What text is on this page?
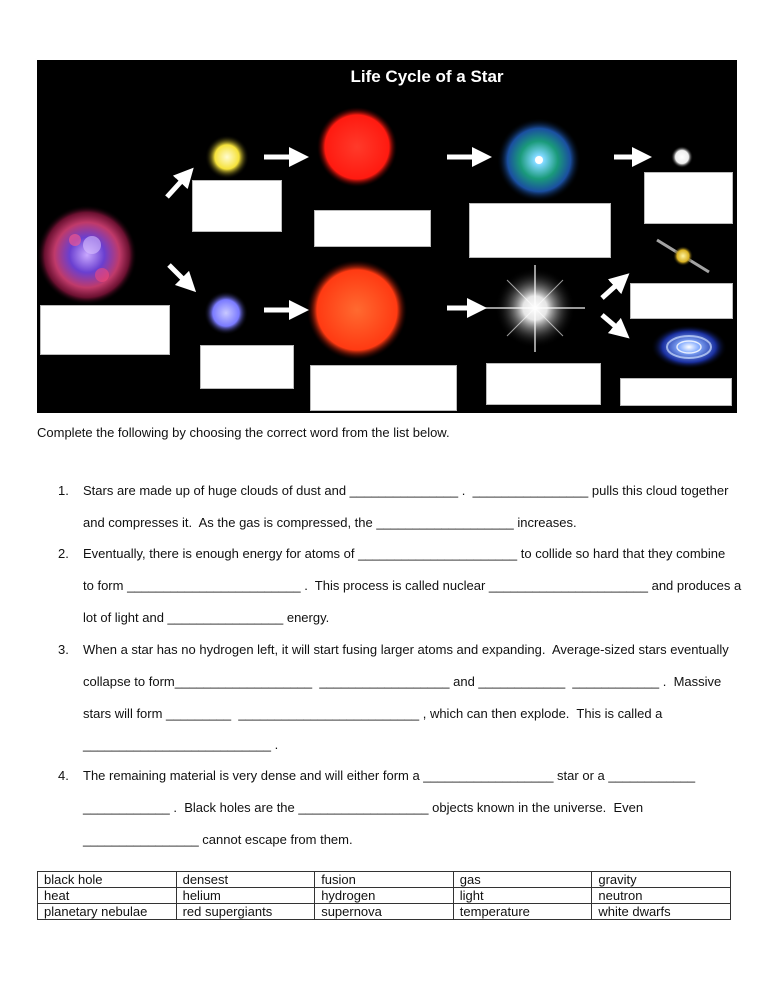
Life Cycle of a Star
Complete the following by choosing the correct word from the list below.
1. Stars are made up of huge clouds of dust and _______________ .  ________________ pulls this cloud together
and compresses it.  As the gas is compressed, the ___________________ increases.
2. Eventually, there is enough energy for atoms of ______________________ to collide so hard that they combine
to form ________________________ .  This process is called nuclear ______________________ and produces a
lot of light and ________________ energy.
3. When a star has no hydrogen left, it will start fusing larger atoms and expanding.  Average-sized stars eventually
collapse to form___________________  __________________ and ____________  ____________ .  Massive
stars will form _________  _________________________ , which can then explode.  This is called a
__________________________ .
4. The remaining material is very dense and will either form a __________________ star or a ____________
____________ .  Black holes are the __________________ objects known in the universe.  Even
________________ cannot escape from them.
black hole	densest	fusion	gas	gravity
heat	helium	hydrogen	light	neutron
planetary nebulae	red supergiants	supernova	temperature	white dwarfs
